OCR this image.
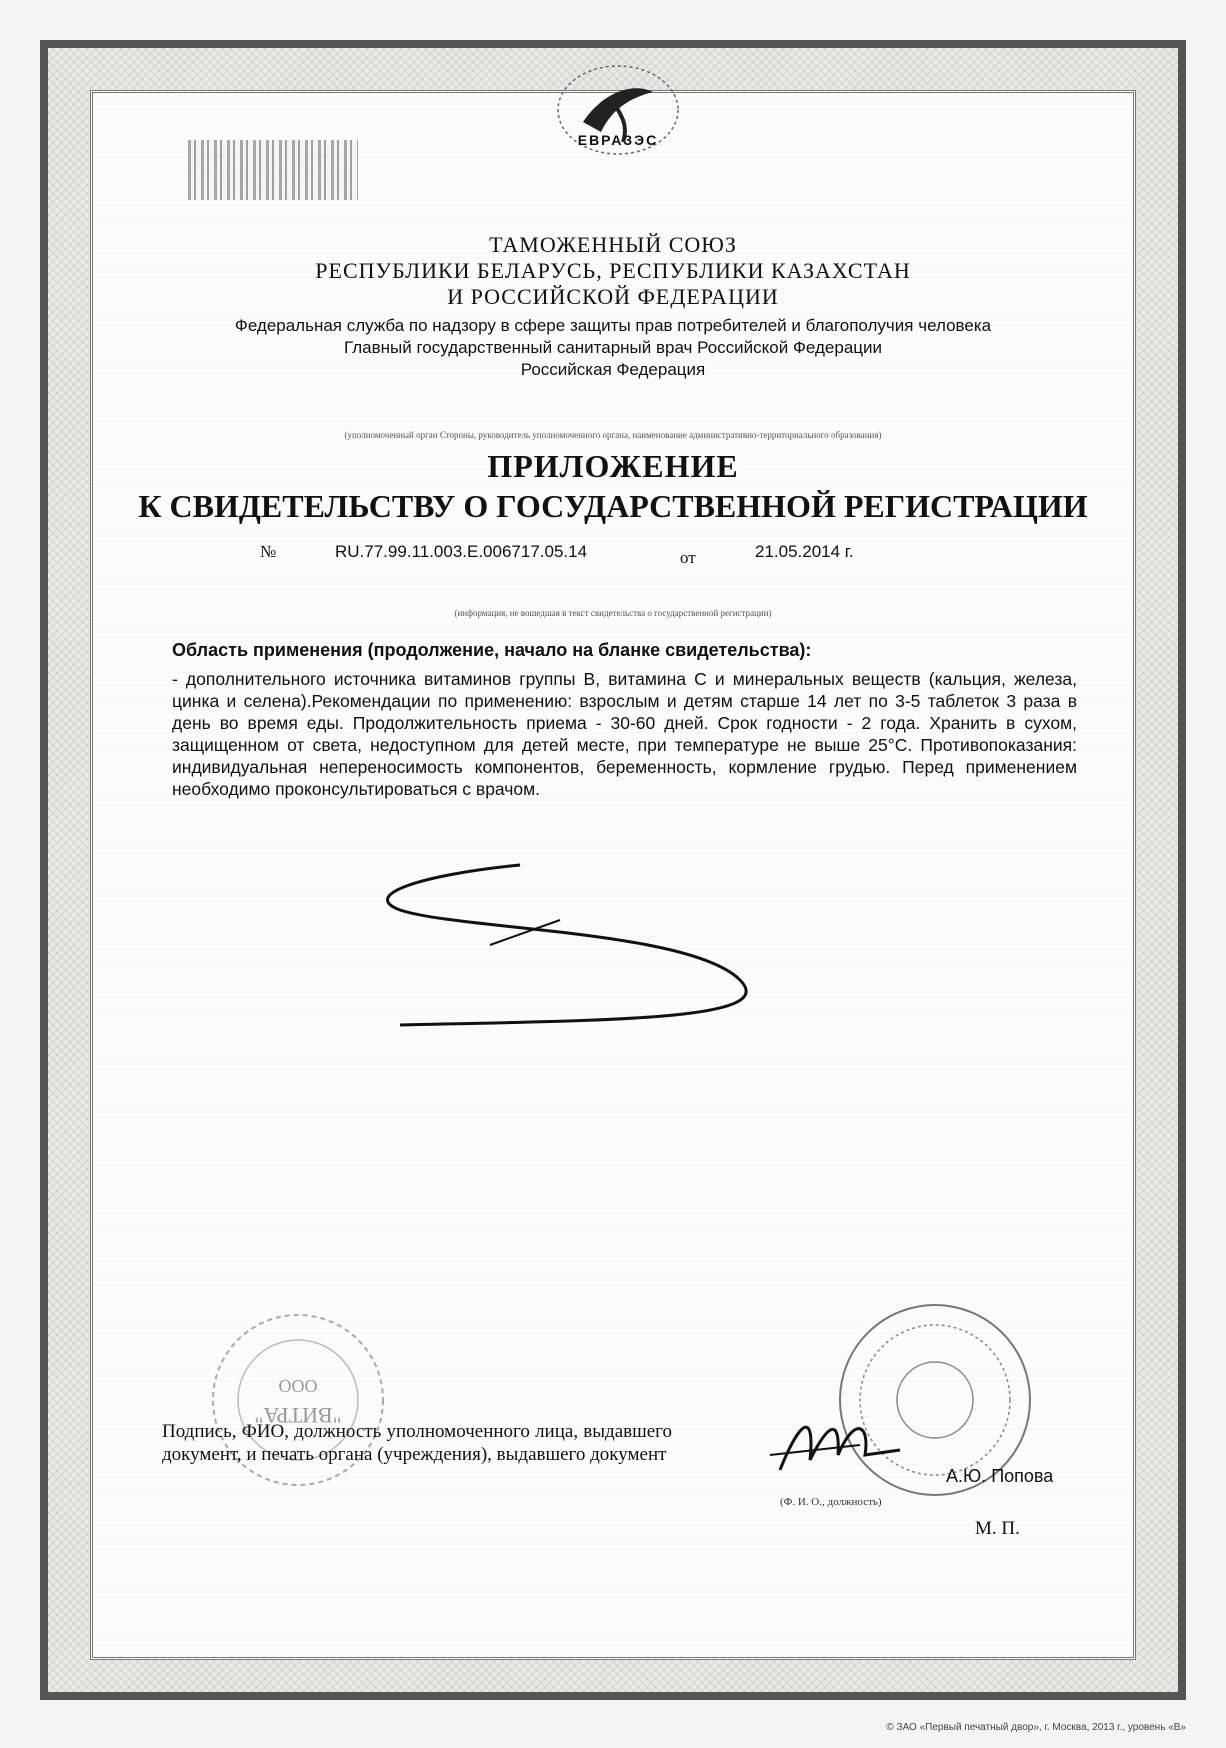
ЕВРАЗЭС
ТАМОЖЕННЫЙ СОЮЗ
РЕСПУБЛИКИ БЕЛАРУСЬ, РЕСПУБЛИКИ КАЗАХСТАН
И РОССИЙСКОЙ ФЕДЕРАЦИИ
Федеральная служба по надзору в сфере защиты прав потребителей и благополучия человека
Главный государственный санитарный врач Российской Федерации
Российская Федерация
(уполномоченный орган Стороны, руководитель уполномоченного органа, наименование административно-территориального образования)
ПРИЛОЖЕНИЕ
К СВИДЕТЕЛЬСТВУ О ГОСУДАРСТВЕННОЙ РЕГИСТРАЦИИ
№	RU.77.99.11.003.E.006717.05.14	от	21.05.2014 г.
(информация, не вошедшая в текст свидетельства о государственной регистрации)
Область применения (продолжение, начало на бланке свидетельства):
- дополнительного источника витаминов группы В, витамина С и минеральных веществ (кальция, железа, цинка и селена).Рекомендации по применению: взрослым и детям старше 14 лет по 3-5 таблеток 3 раза в день во время еды. Продолжительность приема - 30-60 дней. Срок годности - 2 года. Хранить в сухом, защищенном от света, недоступном для детей месте, при температуре не выше 25°С. Противопоказания: индивидуальная непереносимость компонентов, беременность, кормление грудью. Перед применением необходимо проконсультироваться с врачом.
ООО
"ВИТРА"
Подпись, ФИО, должность уполномоченного лица, выдавшего документ, и печать органа (учреждения), выдавшего документ
А.Ю. Попова
(Ф. И. О., должность)
М. П.
© ЗАО «Первый печатный двор», г. Москва, 2013 г., уровень «В»
